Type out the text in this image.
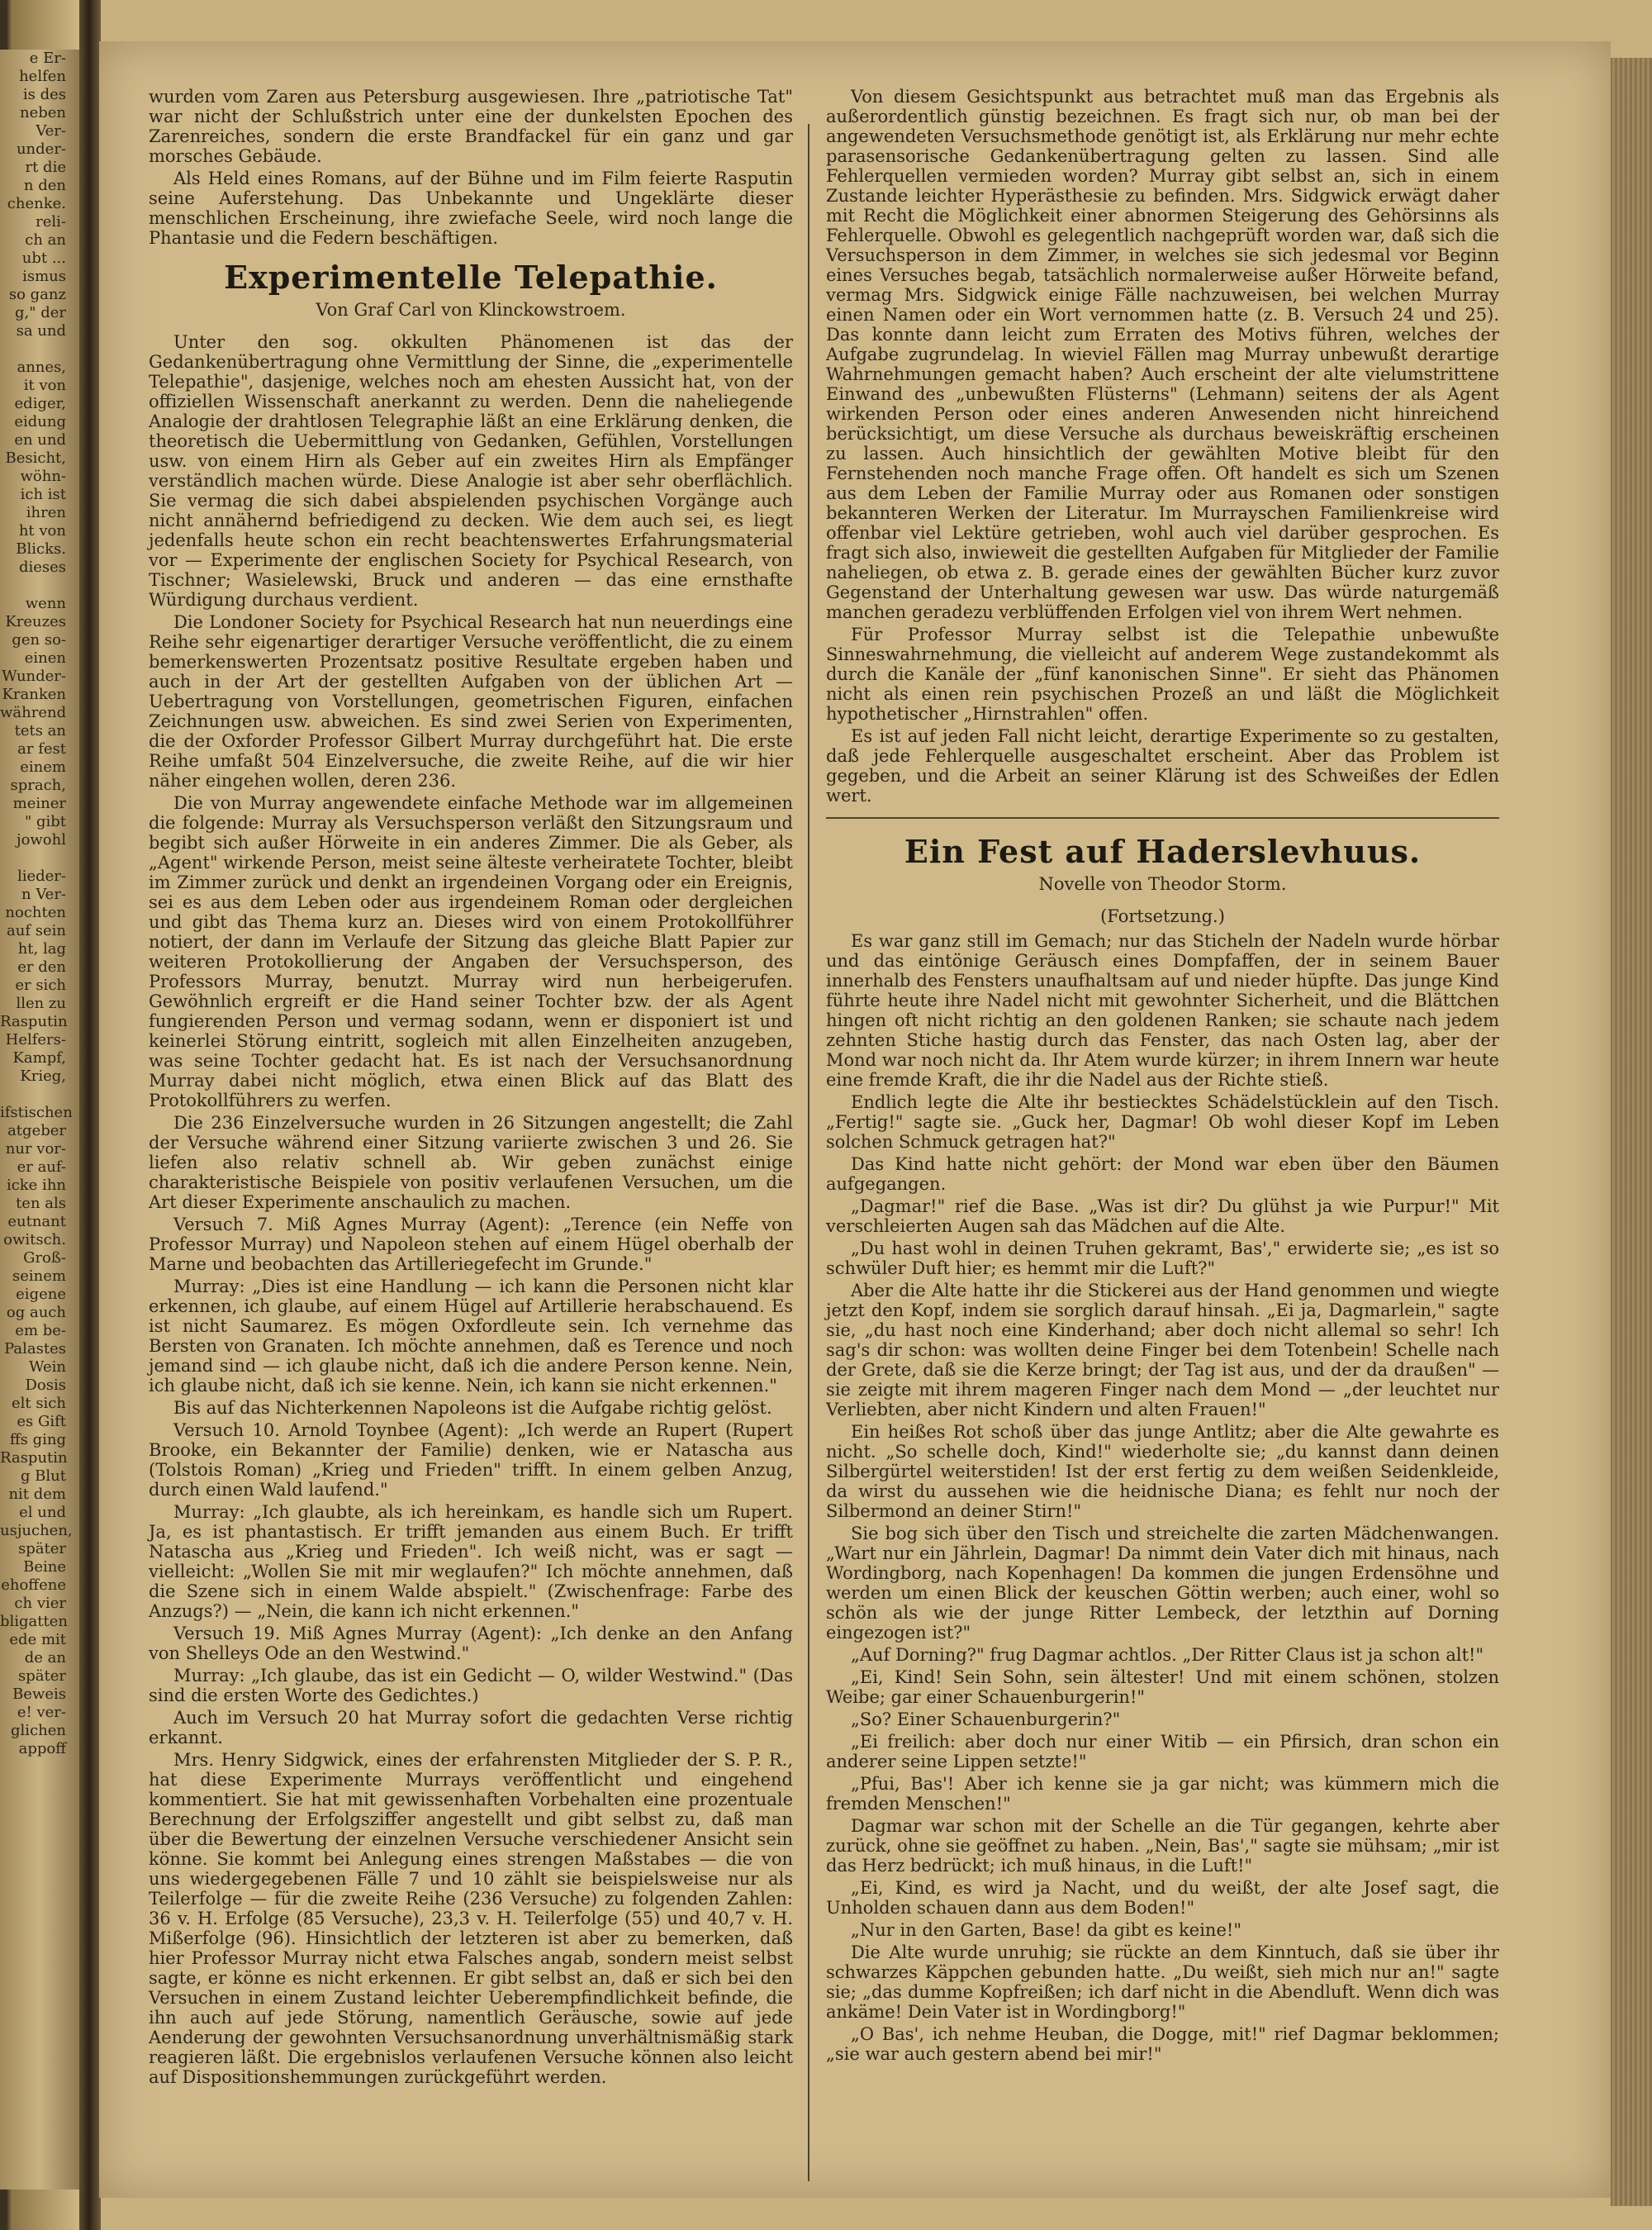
e Er-
helfen
is des
neben
Ver-
under-
rt die
n den
chenke.
reli-
ch an
ubt ...
ismus
so ganz
g," der
sa und

annes,
it von
ediger,
eidung
en und
Besicht,
wöhn-
ich ist
ihren
ht von
Blicks.
dieses

wenn
Kreuzes
gen so-
einen
Wunder-
Kranken
während
tets an
ar fest
einem
sprach,
meiner
" gibt
jowohl

lieder-
n Ver-
nochten
auf sein
ht, lag
er den
er sich
llen zu
Rasputin
Helfers-
Kampf,
Krieg,

ifstischen
atgeber
nur vor-
er auf-
icke ihn
ten als
eutnant
owitsch.
Groß-
seinem
eigene
og auch
em be-
Palastes
Wein
Dosis
elt sich
es Gift
ffs ging
Rasputin
g Blut
nit dem
el und
usjuchen,
später
Beine
ehoffene
ch vier
bligatten
ede mit
de an
später
Beweis
e! ver-
glichen
appoff

wurden vom Zaren aus Petersburg ausgewiesen. Ihre „patriotische Tat" war nicht der Schlußstrich unter eine der dunkelsten Epochen des Zarenreiches, sondern die erste Brandfackel für ein ganz und gar morsches Gebäude.

Als Held eines Romans, auf der Bühne und im Film feierte Rasputin seine Auferstehung. Das Unbekannte und Ungeklärte dieser menschlichen Erscheinung, ihre zwiefache Seele, wird noch lange die Phantasie und die Federn beschäftigen.

Experimentelle Telepathie.
Von Graf Carl von Klinckowstroem.

Unter den sog. okkulten Phänomenen ist das der Gedankenübertragung ohne Vermittlung der Sinne, die „experimentelle Telepathie", dasjenige, welches noch am ehesten Aussicht hat, von der offiziellen Wissenschaft anerkannt zu werden. Denn die naheliegende Analogie der drahtlosen Telegraphie läßt an eine Erklärung denken, die theoretisch die Uebermittlung von Gedanken, Gefühlen, Vorstellungen usw. von einem Hirn als Geber auf ein zweites Hirn als Empfänger verständlich machen würde. Diese Analogie ist aber sehr oberflächlich. Sie vermag die sich dabei abspielenden psychischen Vorgänge auch nicht annähernd befriedigend zu decken. Wie dem auch sei, es liegt jedenfalls heute schon ein recht beachtenswertes Erfahrungsmaterial vor — Experimente der englischen Society for Psychical Research, von Tischner; Wasielewski, Bruck und anderen — das eine ernsthafte Würdigung durchaus verdient.

Die Londoner Society for Psychical Research hat nun neuerdings eine Reihe sehr eigenartiger derartiger Versuche veröffentlicht, die zu einem bemerkenswerten Prozentsatz positive Resultate ergeben haben und auch in der Art der gestellten Aufgaben von der üblichen Art — Uebertragung von Vorstellungen, geometrischen Figuren, einfachen Zeichnungen usw. abweichen. Es sind zwei Serien von Experimenten, die der Oxforder Professor Gilbert Murray durchgeführt hat. Die erste Reihe umfaßt 504 Einzelversuche, die zweite Reihe, auf die wir hier näher eingehen wollen, deren 236.

Die von Murray angewendete einfache Methode war im allgemeinen die folgende: Murray als Versuchsperson verläßt den Sitzungsraum und begibt sich außer Hörweite in ein anderes Zimmer. Die als Geber, als „Agent" wirkende Person, meist seine älteste verheiratete Tochter, bleibt im Zimmer zurück und denkt an irgendeinen Vorgang oder ein Ereignis, sei es aus dem Leben oder aus irgendeinem Roman oder dergleichen und gibt das Thema kurz an. Dieses wird von einem Protokollführer notiert, der dann im Verlaufe der Sitzung das gleiche Blatt Papier zur weiteren Protokollierung der Angaben der Versuchsperson, des Professors Murray, benutzt. Murray wird nun herbeigerufen. Gewöhnlich ergreift er die Hand seiner Tochter bzw. der als Agent fungierenden Person und vermag sodann, wenn er disponiert ist und keinerlei Störung eintritt, sogleich mit allen Einzelheiten anzugeben, was seine Tochter gedacht hat. Es ist nach der Versuchsanordnung Murray dabei nicht möglich, etwa einen Blick auf das Blatt des Protokollführers zu werfen.

Die 236 Einzelversuche wurden in 26 Sitzungen angestellt; die Zahl der Versuche während einer Sitzung variierte zwischen 3 und 26. Sie liefen also relativ schnell ab. Wir geben zunächst einige charakteristische Beispiele von positiv verlaufenen Versuchen, um die Art dieser Experimente anschaulich zu machen.

Versuch 7. Miß Agnes Murray (Agent): „Terence (ein Neffe von Professor Murray) und Napoleon stehen auf einem Hügel oberhalb der Marne und beobachten das Artilleriegefecht im Grunde."

Murray: „Dies ist eine Handlung — ich kann die Personen nicht klar erkennen, ich glaube, auf einem Hügel auf Artillerie herabschauend. Es ist nicht Saumarez. Es mögen Oxfordleute sein. Ich vernehme das Bersten von Granaten. Ich möchte annehmen, daß es Terence und noch jemand sind — ich glaube nicht, daß ich die andere Person kenne. Nein, ich glaube nicht, daß ich sie kenne. Nein, ich kann sie nicht erkennen."

Bis auf das Nichterkennen Napoleons ist die Aufgabe richtig gelöst.

Versuch 10. Arnold Toynbee (Agent): „Ich werde an Rupert (Rupert Brooke, ein Bekannter der Familie) denken, wie er Natascha aus (Tolstois Roman) „Krieg und Frieden" trifft. In einem gelben Anzug, durch einen Wald laufend."

Murray: „Ich glaubte, als ich hereinkam, es handle sich um Rupert. Ja, es ist phantastisch. Er trifft jemanden aus einem Buch. Er trifft Natascha aus „Krieg und Frieden". Ich weiß nicht, was er sagt — vielleicht: „Wollen Sie mit mir weglaufen?" Ich möchte annehmen, daß die Szene sich in einem Walde abspielt." (Zwischenfrage: Farbe des Anzugs?) — „Nein, die kann ich nicht erkennen."

Versuch 19. Miß Agnes Murray (Agent): „Ich denke an den Anfang von Shelleys Ode an den Westwind."

Murray: „Ich glaube, das ist ein Gedicht — O, wilder Westwind." (Das sind die ersten Worte des Gedichtes.)

Auch im Versuch 20 hat Murray sofort die gedachten Verse richtig erkannt.

Mrs. Henry Sidgwick, eines der erfahrensten Mitglieder der S. P. R., hat diese Experimente Murrays veröffentlicht und eingehend kommentiert. Sie hat mit gewissenhaften Vorbehalten eine prozentuale Berechnung der Erfolgsziffer angestellt und gibt selbst zu, daß man über die Bewertung der einzelnen Versuche verschiedener Ansicht sein könne. Sie kommt bei Anlegung eines strengen Maßstabes — die von uns wiedergegebenen Fälle 7 und 10 zählt sie beispielsweise nur als Teilerfolge — für die zweite Reihe (236 Versuche) zu folgenden Zahlen: 36 v. H. Erfolge (85 Versuche), 23,3 v. H. Teilerfolge (55) und 40,7 v. H. Mißerfolge (96). Hinsichtlich der letzteren ist aber zu bemerken, daß hier Professor Murray nicht etwa Falsches angab, sondern meist selbst sagte, er könne es nicht erkennen. Er gibt selbst an, daß er sich bei den Versuchen in einem Zustand leichter Ueberempfindlichkeit befinde, die ihn auch auf jede Störung, namentlich Geräusche, sowie auf jede Aenderung der gewohnten Versuchsanordnung unverhältnismäßig stark reagieren läßt. Die ergebnislos verlaufenen Versuche können also leicht auf Dispositionshemmungen zurückgeführt werden.

Von diesem Gesichtspunkt aus betrachtet muß man das Ergebnis als außerordentlich günstig bezeichnen. Es fragt sich nur, ob man bei der angewendeten Versuchsmethode genötigt ist, als Erklärung nur mehr echte parasensorische Gedankenübertragung gelten zu lassen. Sind alle Fehlerquellen vermieden worden? Murray gibt selbst an, sich in einem Zustande leichter Hyperästhesie zu befinden. Mrs. Sidgwick erwägt daher mit Recht die Möglichkeit einer abnormen Steigerung des Gehörsinns als Fehlerquelle. Obwohl es gelegentlich nachgeprüft worden war, daß sich die Versuchsperson in dem Zimmer, in welches sie sich jedesmal vor Beginn eines Versuches begab, tatsächlich normalerweise außer Hörweite befand, vermag Mrs. Sidgwick einige Fälle nachzuweisen, bei welchen Murray einen Namen oder ein Wort vernommen hatte (z. B. Versuch 24 und 25). Das konnte dann leicht zum Erraten des Motivs führen, welches der Aufgabe zugrundelag. In wieviel Fällen mag Murray unbewußt derartige Wahrnehmungen gemacht haben? Auch erscheint der alte vielumstrittene Einwand des „unbewußten Flüsterns" (Lehmann) seitens der als Agent wirkenden Person oder eines anderen Anwesenden nicht hinreichend berücksichtigt, um diese Versuche als durchaus beweiskräftig erscheinen zu lassen. Auch hinsichtlich der gewählten Motive bleibt für den Fernstehenden noch manche Frage offen. Oft handelt es sich um Szenen aus dem Leben der Familie Murray oder aus Romanen oder sonstigen bekannteren Werken der Literatur. Im Murrayschen Familienkreise wird offenbar viel Lektüre getrieben, wohl auch viel darüber gesprochen. Es fragt sich also, inwieweit die gestellten Aufgaben für Mitglieder der Familie naheliegen, ob etwa z. B. gerade eines der gewählten Bücher kurz zuvor Gegenstand der Unterhaltung gewesen war usw. Das würde naturgemäß manchen geradezu verblüffenden Erfolgen viel von ihrem Wert nehmen.

Für Professor Murray selbst ist die Telepathie unbewußte Sinneswahrnehmung, die vielleicht auf anderem Wege zustandekommt als durch die Kanäle der „fünf kanonischen Sinne". Er sieht das Phänomen nicht als einen rein psychischen Prozeß an und läßt die Möglichkeit hypothetischer „Hirnstrahlen" offen.

Es ist auf jeden Fall nicht leicht, derartige Experimente so zu gestalten, daß jede Fehlerquelle ausgeschaltet erscheint. Aber das Problem ist gegeben, und die Arbeit an seiner Klärung ist des Schweißes der Edlen wert.

Ein Fest auf Haderslevhuus.
Novelle von Theodor Storm.
(Fortsetzung.)

Es war ganz still im Gemach; nur das Sticheln der Nadeln wurde hörbar und das eintönige Geräusch eines Dompfaffen, der in seinem Bauer innerhalb des Fensters unaufhaltsam auf und nieder hüpfte. Das junge Kind führte heute ihre Nadel nicht mit gewohnter Sicherheit, und die Blättchen hingen oft nicht richtig an den goldenen Ranken; sie schaute nach jedem zehnten Stiche hastig durch das Fenster, das nach Osten lag, aber der Mond war noch nicht da. Ihr Atem wurde kürzer; in ihrem Innern war heute eine fremde Kraft, die ihr die Nadel aus der Richte stieß.

Endlich legte die Alte ihr bestiecktes Schädelstücklein auf den Tisch. „Fertig!" sagte sie. „Guck her, Dagmar! Ob wohl dieser Kopf im Leben solchen Schmuck getragen hat?"

Das Kind hatte nicht gehört: der Mond war eben über den Bäumen aufgegangen.

„Dagmar!" rief die Base. „Was ist dir? Du glühst ja wie Purpur!" Mit verschleierten Augen sah das Mädchen auf die Alte.

„Du hast wohl in deinen Truhen gekramt, Bas'," erwiderte sie; „es ist so schwüler Duft hier; es hemmt mir die Luft?"

Aber die Alte hatte ihr die Stickerei aus der Hand genommen und wiegte jetzt den Kopf, indem sie sorglich darauf hinsah. „Ei ja, Dagmarlein," sagte sie, „du hast noch eine Kinderhand; aber doch nicht allemal so sehr! Ich sag's dir schon: was wollten deine Finger bei dem Totenbein! Schelle nach der Grete, daß sie die Kerze bringt; der Tag ist aus, und der da draußen" — sie zeigte mit ihrem mageren Finger nach dem Mond — „der leuchtet nur Verliebten, aber nicht Kindern und alten Frauen!"

Ein heißes Rot schoß über das junge Antlitz; aber die Alte gewahrte es nicht. „So schelle doch, Kind!" wiederholte sie; „du kannst dann deinen Silbergürtel weiterstiden! Ist der erst fertig zu dem weißen Seidenkleide, da wirst du aussehen wie die heidnische Diana; es fehlt nur noch der Silbermond an deiner Stirn!"

Sie bog sich über den Tisch und streichelte die zarten Mädchenwangen. „Wart nur ein Jährlein, Dagmar! Da nimmt dein Vater dich mit hinaus, nach Wordingborg, nach Kopenhagen! Da kommen die jungen Erdensöhne und werden um einen Blick der keuschen Göttin werben; auch einer, wohl so schön als wie der junge Ritter Lembeck, der letzthin auf Dorning eingezogen ist?"

„Auf Dorning?" frug Dagmar achtlos. „Der Ritter Claus ist ja schon alt!"

„Ei, Kind! Sein Sohn, sein ältester! Und mit einem schönen, stolzen Weibe; gar einer Schauenburgerin!"

„So? Einer Schauenburgerin?"

„Ei freilich: aber doch nur einer Witib — ein Pfirsich, dran schon ein anderer seine Lippen setzte!"

„Pfui, Bas'! Aber ich kenne sie ja gar nicht; was kümmern mich die fremden Menschen!"

Dagmar war schon mit der Schelle an die Tür gegangen, kehrte aber zurück, ohne sie geöffnet zu haben. „Nein, Bas'," sagte sie mühsam; „mir ist das Herz bedrückt; ich muß hinaus, in die Luft!"

„Ei, Kind, es wird ja Nacht, und du weißt, der alte Josef sagt, die Unholden schauen dann aus dem Boden!"

„Nur in den Garten, Base! da gibt es keine!"

Die Alte wurde unruhig; sie rückte an dem Kinntuch, daß sie über ihr schwarzes Käppchen gebunden hatte. „Du weißt, sieh mich nur an!" sagte sie; „das dumme Kopfreißen; ich darf nicht in die Abendluft. Wenn dich was ankäme! Dein Vater ist in Wordingborg!"

„O Bas', ich nehme Heuban, die Dogge, mit!" rief Dagmar beklommen; „sie war auch gestern abend bei mir!"
